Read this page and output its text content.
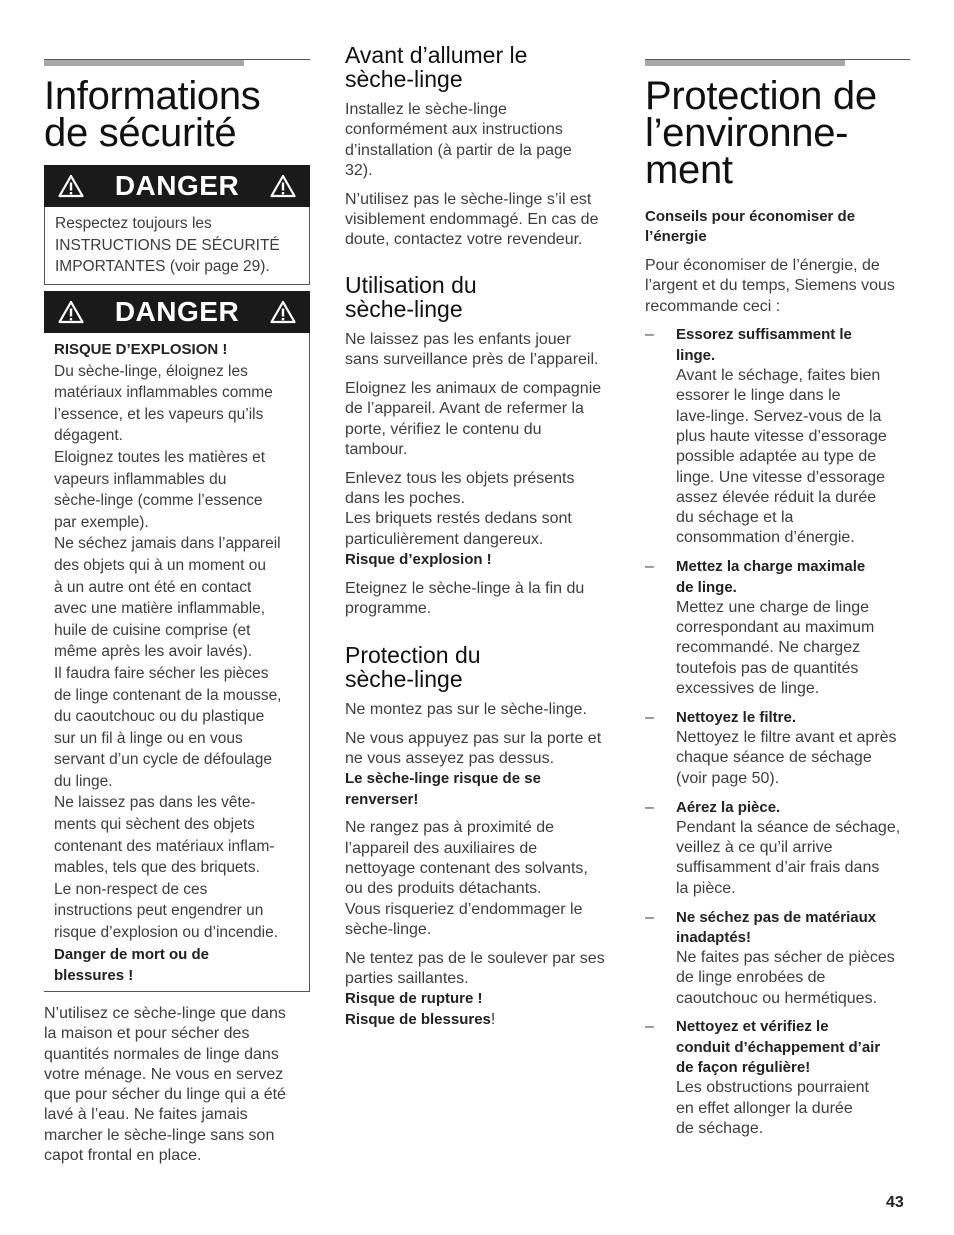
Informations
de sécurité
DANGER

Respectez toujours les
INSTRUCTIONS DE SÉCURITÉ
IMPORTANTES (voir page 29).

DANGER

RISQUE D’EXPLOSION !

Du sèche-linge, éloignez les
matériaux inflammables comme
l’essence, et les vapeurs qu’ils
dégagent.
Eloignez toutes les matières et
vapeurs inflammables du
sèche-linge (comme l’essence
par exemple).
Ne séchez jamais dans l’appareil
des objets qui à un moment ou
à un autre ont été en contact
avec une matière inflammable,
huile de cuisine comprise (et
même après les avoir lavés).
Il faudra faire sécher les pièces
de linge contenant de la mousse,
du caoutchouc ou du plastique
sur un fil à linge ou en vous
servant d’un cycle de défoulage
du linge.
Ne laissez pas dans les vête-
ments qui sèchent des objets
contenant des matériaux inflam-
mables, tels que des briquets.
Le non-respect de ces
instructions peut engendrer un
risque d’explosion ou d’incendie.

Danger de mort ou de
blessures !

N’utilisez ce sèche-linge que dans
la maison et pour sécher des
quantités normales de linge dans
votre ménage. Ne vous en servez
que pour sécher du linge qui a été
lavé à l’eau. Ne faites jamais
marcher le sèche-linge sans son
capot frontal en place.

Avant d’allumer le
sèche-linge

Installez le sèche-linge
conformément aux instructions
d’installation (à partir de la page
32).

N’utilisez pas le sèche-linge s’il est
visiblement endommagé. En cas de
doute, contactez votre revendeur.

Utilisation du
sèche-linge

Ne laissez pas les enfants jouer
sans surveillance près de l’appareil.

Eloignez les animaux de compagnie
de l’appareil. Avant de refermer la
porte, vérifiez le contenu du
tambour.

Enlevez tous les objets présents
dans les poches.
Les briquets restés dedans sont
particulièrement dangereux.

Risque d’explosion !

Eteignez le sèche-linge à la fin du
programme.

Protection du
sèche-linge

Ne montez pas sur le sèche-linge.

Ne vous appuyez pas sur la porte et
ne vous asseyez pas dessus.

Le sèche-linge risque de se
renverser!

Ne rangez pas à proximité de
l’appareil des auxiliaires de
nettoyage contenant des solvants,
ou des produits détachants.
Vous risqueriez d’endommager le
sèche-linge.

Ne tentez pas de le soulever par ses
parties saillantes.

Risque de rupture !

Risque de blessures!

Protection de
l’environne-
ment

Conseils pour économiser de
l’énergie

Pour économiser de l’énergie, de
l’argent et du temps, Siemens vous
recommande ceci :

– Essorez suffisamment le
linge.

Avant le séchage, faites bien
essorer le linge dans le
lave-linge. Servez-vous de la
plus haute vitesse d’essorage
possible adaptée au type de
linge. Une vitesse d’essorage
assez élevée réduit la durée
du séchage et la
consommation d’énergie.

– Mettez la charge maximale
de linge.

Mettez une charge de linge
correspondant au maximum
recommandé. Ne chargez
toutefois pas de quantités
excessives de linge.

– Nettoyez le filtre.

Nettoyez le filtre avant et après
chaque séance de séchage
(voir page 50).

– Aérez la pièce.

Pendant la séance de séchage,
veillez à ce qu’il arrive
suffisamment d’air frais dans
la pièce.

– Ne séchez pas de matériaux
inadaptés!

Ne faites pas sécher de pièces
de linge enrobées de
caoutchouc ou hermétiques.

– Nettoyez et vérifiez le
conduit d’échappement d’air
de façon régulière!

Les obstructions pourraient
en effet allonger la durée
de séchage.

43
